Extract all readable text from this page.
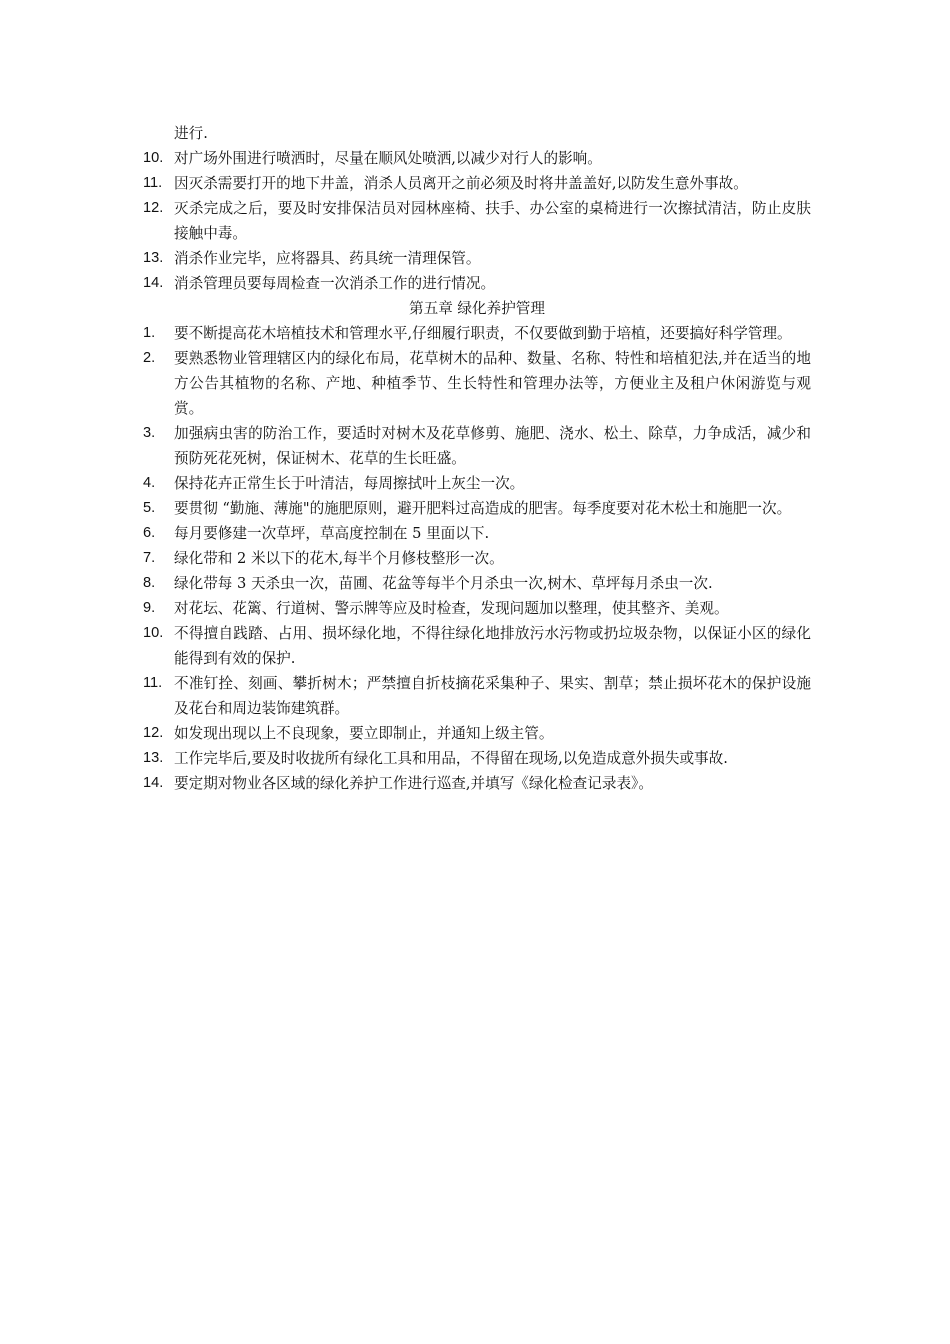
进行.
10. 对广场外围进行喷洒时，尽量在顺风处喷洒,以减少对行人的影响。
11. 因灭杀需要打开的地下井盖，消杀人员离开之前必须及时将井盖盖好,以防发生意外事故。
12. 灭杀完成之后，要及时安排保洁员对园林座椅、扶手、办公室的桌椅进行一次擦拭清洁，防止皮肤接触中毒。
13. 消杀作业完毕，应将器具、药具统一清理保管。
14. 消杀管理员要每周检查一次消杀工作的进行情况。
第五章 绿化养护管理
1. 要不断提高花木培植技术和管理水平,仔细履行职责，不仅要做到勤于培植，还要搞好科学管理。
2. 要熟悉物业管理辖区内的绿化布局，花草树木的品种、数量、名称、特性和培植犯法,并在适当的地方公告其植物的名称、产地、种植季节、生长特性和管理办法等，方便业主及租户休闲游览与观赏。
3. 加强病虫害的防治工作，要适时对树木及花草修剪、施肥、浇水、松土、除草，力争成活，减少和预防死花死树，保证树木、花草的生长旺盛。
4. 保持花卉正常生长于叶清洁，每周擦拭叶上灰尘一次。
5. 要贯彻 “勤施、薄施"的施肥原则，避开肥料过高造成的肥害。每季度要对花木松土和施肥一次。
6. 每月要修建一次草坪，草高度控制在 5 里面以下.
7. 绿化带和 2 米以下的花木,每半个月修枝整形一次。
8. 绿化带每 3 天杀虫一次，苗圃、花盆等每半个月杀虫一次,树木、草坪每月杀虫一次.
9. 对花坛、花篱、行道树、警示牌等应及时检查，发现问题加以整理，使其整齐、美观。
10. 不得擅自践踏、占用、损坏绿化地，不得往绿化地排放污水污物或扔垃圾杂物，以保证小区的绿化能得到有效的保护.
11. 不准钉拴、刻画、攀折树木；严禁擅自折枝摘花采集种子、果实、割草；禁止损坏花木的保护设施及花台和周边装饰建筑群。
12. 如发现出现以上不良现象，要立即制止，并通知上级主管。
13. 工作完毕后,要及时收拢所有绿化工具和用品，不得留在现场,以免造成意外损失或事故.
14. 要定期对物业各区域的绿化养护工作进行巡查,并填写《绿化检查记录表》。
